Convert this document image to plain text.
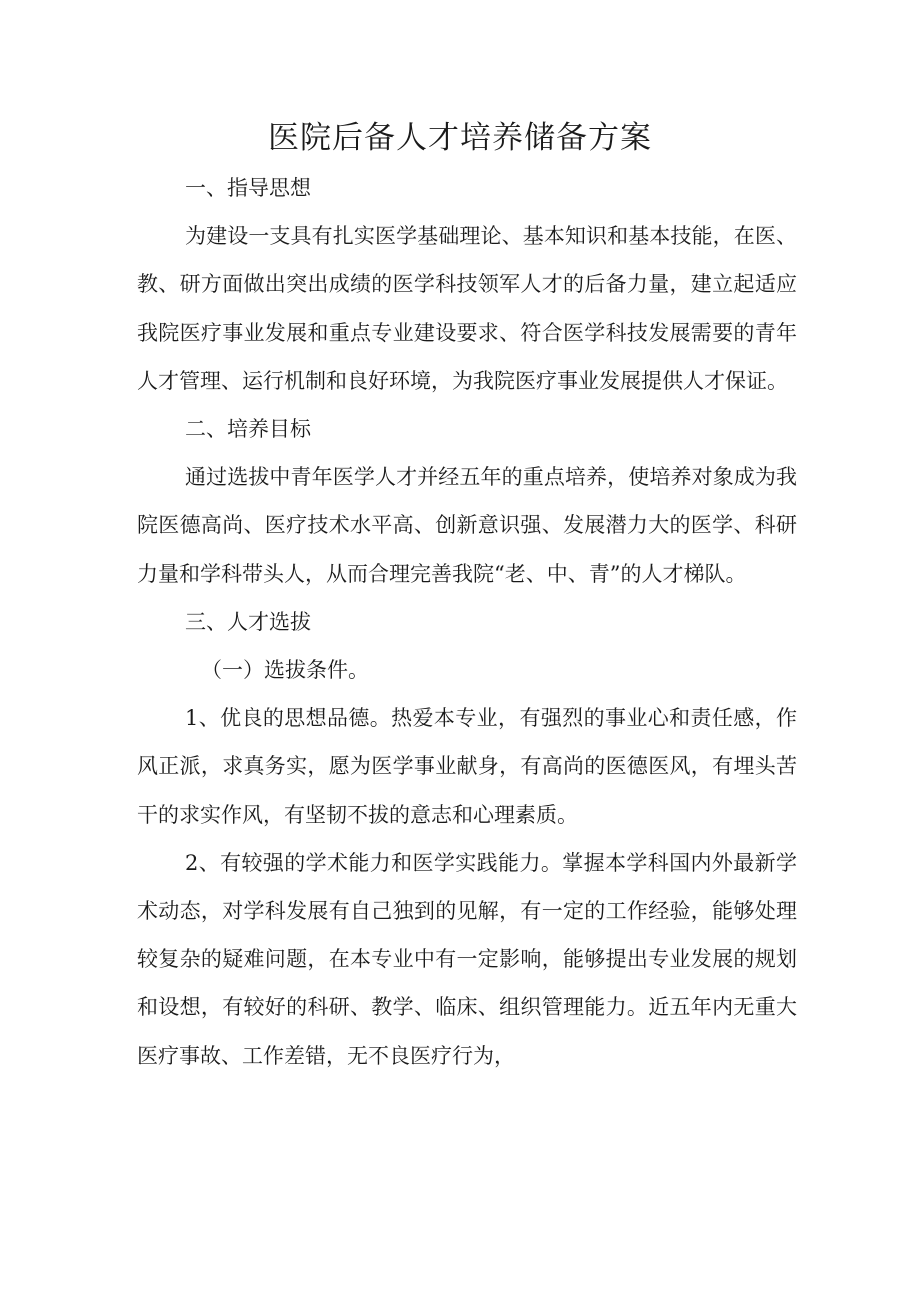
医院后备人才培养储备方案

一、指导思想

为建设一支具有扎实医学基础理论、基本知识和基本技能，在医、教、研方面做出突出成绩的医学科技领军人才的后备力量，建立起适应我院医疗事业发展和重点专业建设要求、符合医学科技发展需要的青年人才管理、运行机制和良好环境，为我院医疗事业发展提供人才保证。

二、培养目标

通过选拔中青年医学人才并经五年的重点培养，使培养对象成为我院医德高尚、医疗技术水平高、创新意识强、发展潜力大的医学、科研力量和学科带头人，从而合理完善我院“老、中、青”的人才梯队。

三、人才选拔

（一）选拔条件。

1、优良的思想品德。热爱本专业，有强烈的事业心和责任感，作风正派，求真务实，愿为医学事业献身，有高尚的医德医风，有埋头苦干的求实作风，有坚韧不拔的意志和心理素质。

2、有较强的学术能力和医学实践能力。掌握本学科国内外最新学术动态，对学科发展有自己独到的见解，有一定的工作经验，能够处理较复杂的疑难问题，在本专业中有一定影响，能够提出专业发展的规划和设想，有较好的科研、教学、临床、组织管理能力。近五年内无重大医疗事故、工作差错，无不良医疗行为，
